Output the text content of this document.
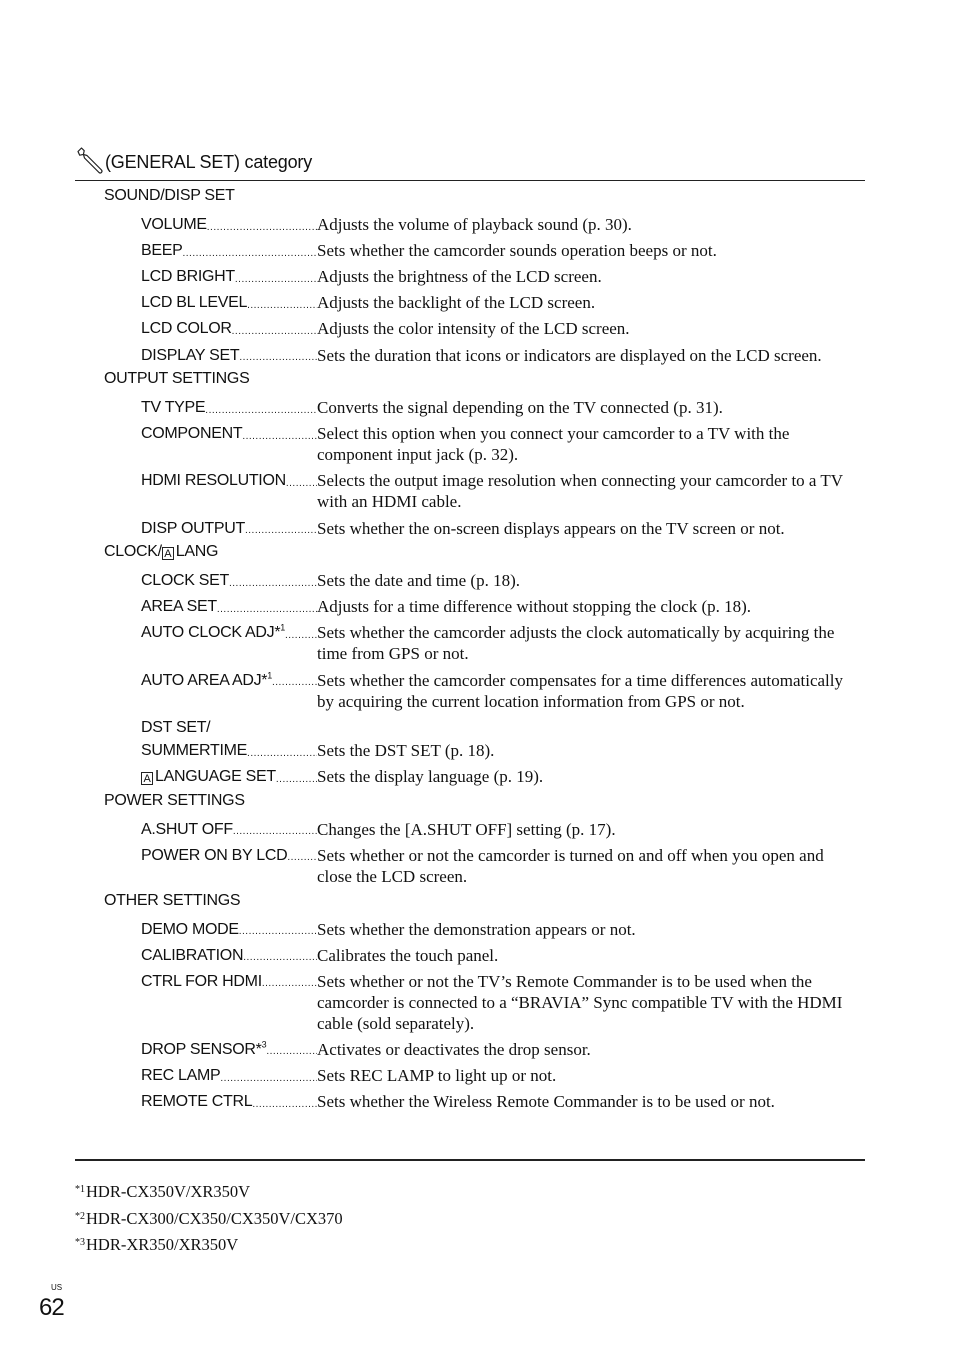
(GENERAL SET) category
SOUND/DISP SET
VOLUME .....	Adjusts the volume of playback sound (p. 30).
BEEP .....	Sets whether the camcorder sounds operation beeps or not.
LCD BRIGHT .....	Adjusts the brightness of the LCD screen.
LCD BL LEVEL .....	Adjusts the backlight of the LCD screen.
LCD COLOR .....	Adjusts the color intensity of the LCD screen.
DISPLAY SET .....	Sets the duration that icons or indicators are displayed on the LCD screen.
OUTPUT SETTINGS
TV TYPE .....	Converts the signal depending on the TV connected (p. 31).
COMPONENT .....	Select this option when you connect your camcorder to a TV with the component input jack (p. 32).
HDMI RESOLUTION ..... Selects the output image resolution when connecting your camcorder to a TV with an HDMI cable.
DISP OUTPUT .....	Sets whether the on-screen displays appears on the TV screen or not.
CLOCK/ A LANG
CLOCK SET .....	Sets the date and time (p. 18).
AREA SET .....	Adjusts for a time difference without stopping the clock (p. 18).
AUTO CLOCK ADJ*$^1$ ..... Sets whether the camcorder adjusts the clock automatically by acquiring the time from GPS or not.
AUTO AREA ADJ*$^1$ .....	Sets whether the camcorder compensates for a time differences automatically by acquiring the current location information from GPS or not.
DST SET/
SUMMERTIME .....	Sets the DST SET (p. 18).
A LANGUAGE SET ..... Sets the display language (p. 19).
POWER SETTINGS
A.SHUT OFF .....	Changes the [A.SHUT OFF] setting (p. 17).
POWER ON BY LCD ..... Sets whether or not the camcorder is turned on and off when you open and close the LCD screen.
OTHER SETTINGS
DEMO MODE .....	Sets whether the demonstration appears or not.
CALIBRATION .....	Calibrates the touch panel.
CTRL FOR HDMI .....	Sets whether or not the TV’s Remote Commander is to be used when the camcorder is connected to a “BRAVIA” Sync compatible TV with the HDMI cable (sold separately).
DROP SENSOR*$^3$ .....	Activates or deactivates the drop sensor.
REC LAMP .....	Sets REC LAMP to light up or not.
REMOTE CTRL .....	Sets whether the Wireless Remote Commander is to be used or not.
$^{*1}$HDR-CX350V/XR350V
$^{*2}$HDR-CX300/CX350/CX350V/CX370
$^{*3}$HDR-XR350/XR350V
US
62
